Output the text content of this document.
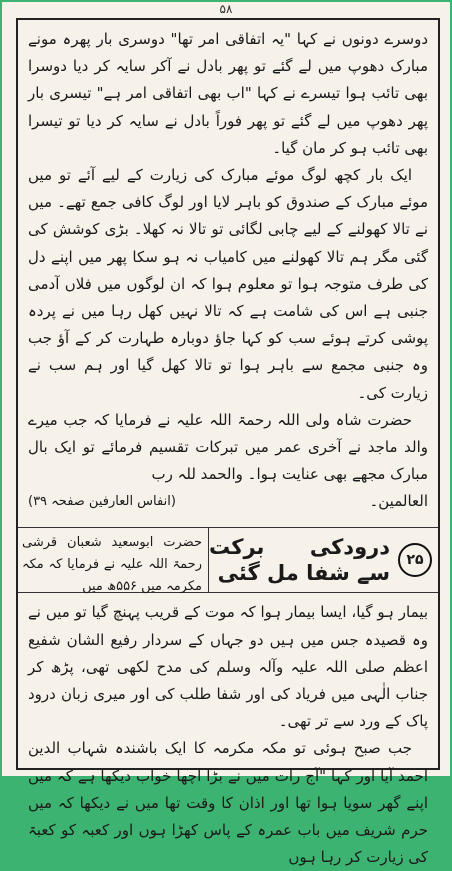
۵۸

دوسرے دونوں نے کہا "یہ اتفاقی امر تھا" دوسری بار پھرہ مونے مبارک دھوپ میں لے گئے تو پھر بادل نے آکر سایہ کر دیا دوسرا بھی تائب ہوا تیسرے نے کہا "اب بھی اتفاقی امر ہے" تیسری بار پھر دھوپ میں لے گئے تو پھر فوراً بادل نے سایہ کر دیا تو تیسرا بھی تائب ہو کر مان گیا۔

ایک بار کچھ لوگ موئے مبارک کی زیارت کے لیے آئے تو میں موئے مبارک کے صندوق کو باہر لایا اور لوگ کافی جمع تھے۔ میں نے تالا کھولنے کے لیے چابی لگائی تو تالا نہ کھلا۔ بڑی کوشش کی گئی مگر ہم تالا کھولنے میں کامیاب نہ ہو سکا پھر میں اپنے دل کی طرف متوجہ ہوا تو معلوم ہوا کہ ان لوگوں میں فلاں آدمی جنبی ہے اس کی شامت ہے کہ تالا نہیں کھل رہا میں نے پردہ پوشی کرتے ہوئے سب کو کہا جاؤ دوبارہ طہارت کر کے آؤ جب وہ جنبی مجمع سے باہر ہوا تو تالا کھل گیا اور ہم سب نے زیارت کی۔

حضرت شاہ ولی اللہ رحمۃ اللہ علیہ نے فرمایا کہ جب میرے والد ماجد نے آخری عمر میں تبرکات تقسیم فرمائے تو ایک بال مبارک مجھے بھی عنایت ہوا۔ والحمد للہ رب

العالمین۔
(انفاس العارفین صفحہ ۳۹)
۲۵
درودکی برکت سے شفا مل گئی
حضرت ابوسعید شعبان قرشی رحمۃ اللہ علیہ نے فرمایا کہ مکہ مکرمہ میں ۵۵۶ھ میں

بیمار ہو گیا، ایسا بیمار ہوا کہ موت کے قریب پہنچ گیا تو میں نے وہ قصیدہ جس میں ہیں دو جہاں کے سردار رفیع الشان شفیع اعظم صلی اللہ علیہ وآلہ وسلم کی مدح لکھی تھی، پڑھ کر جناب الٰہی میں فریاد کی اور شفا طلب کی اور میری زبان درود پاک کے ورد سے تر تھی۔

جب صبح ہوئی تو مکہ مکرمہ کا ایک باشندہ شہاب الدین احمد آیا اور کہا "آج رات میں نے بڑا اچھا خواب دیکھا ہے کہ میں اپنے گھر سویا ہوا تھا اور اذان کا وقت تھا میں نے دیکھا کہ میں حرم شریف میں باب عمرہ کے پاس کھڑا ہوں اور کعبہ کو کعبۃ کی زیارت کر رہا ہوں
